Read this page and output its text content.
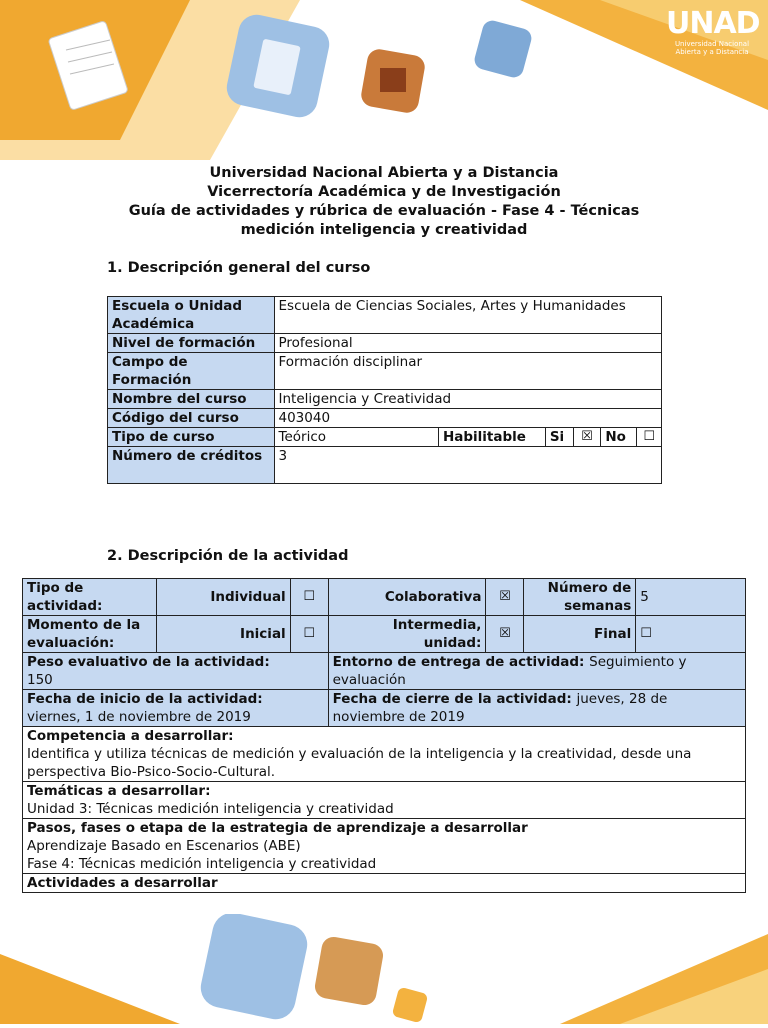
UNAD
Universidad Nacional
Abierta y a Distancia
Universidad Nacional Abierta y a Distancia
Vicerrectoría Académica y de Investigación
Guía de actividades y rúbrica de evaluación - Fase 4 - Técnicas
medición inteligencia y creatividad
1. Descripción general del curso
Escuela o Unidad Académica	Escuela de Ciencias Sociales, Artes y Humanidades					
Nivel de formación	Profesional					
Campo de Formación	Formación disciplinar					
Nombre del curso	Inteligencia y Creatividad					
Código del curso	403040					
Tipo de curso	Teórico	Habilitable	Si	☒	No	☐
Número de créditos	3					
2. Descripción de la actividad
Tipo de actividad:	Individual	☐	Colaborativa	☒	Número de semanas	5
Momento de la evaluación:	Inicial	☐	Intermedia, unidad:	☒	Final	☐

Peso evaluativo de la actividad:
150			Entorno de entrega de actividad: Seguimiento y evaluación			

Fecha de inicio de la actividad:
viernes, 1 de noviembre de 2019			Fecha de cierre de la actividad: jueves, 28 de noviembre de 2019			

Competencia a desarrollar:
Identifica y utiliza técnicas de medición y evaluación de la inteligencia y la creatividad, desde una perspectiva Bio-Psico-Socio-Cultural.						

Temáticas a desarrollar:
Unidad 3: Técnicas medición inteligencia y creatividad						

Pasos, fases o etapa de la estrategia de aprendizaje a desarrollar
Aprendizaje Basado en Escenarios (ABE)
Fase 4: Técnicas medición inteligencia y creatividad						

Actividades a desarrollar						
